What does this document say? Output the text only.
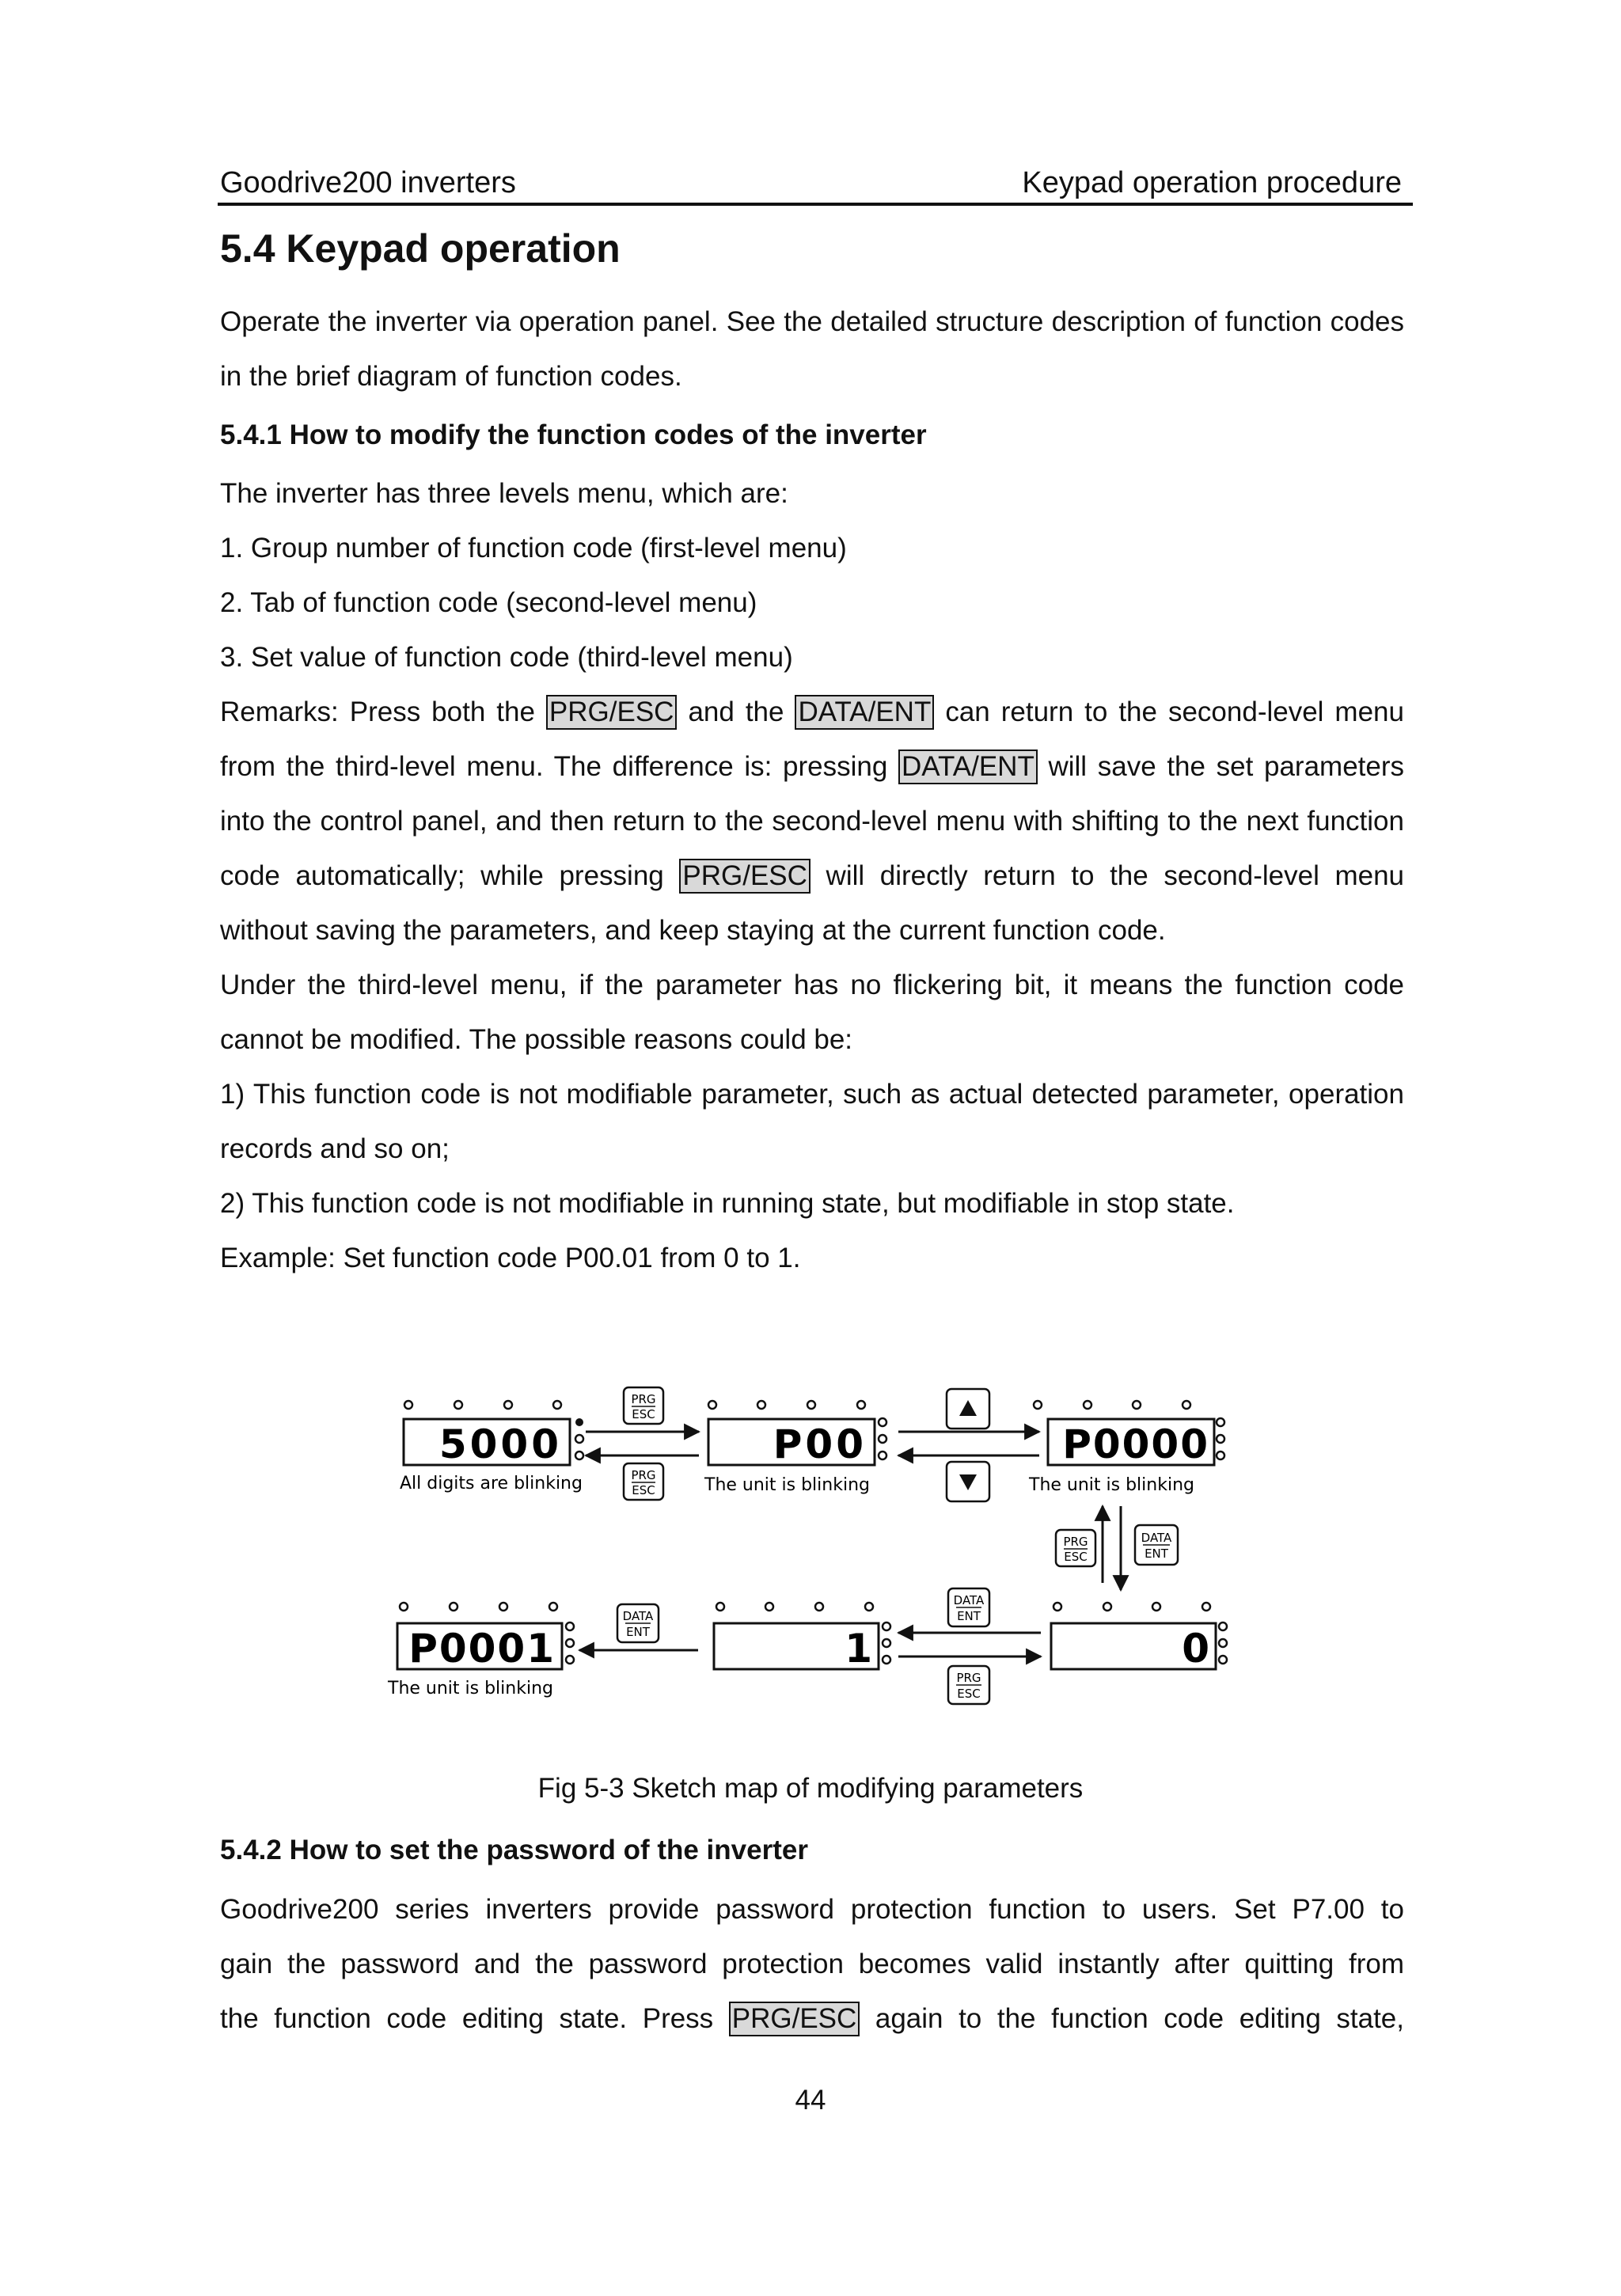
Goodrive200 inverters	Keypad operation procedure
5.4 Keypad operation

Operate the inverter via operation panel. See the detailed structure description of function codes in the brief diagram of function codes.

5.4.1 How to modify the function codes of the inverter

The inverter has three levels menu, which are:

1. Group number of function code (first-level menu)

2. Tab of function code (second-level menu)

3. Set value of function code (third-level menu)

Remarks: Press both the PRG/ESC and the DATA/ENT can return to the second-level menu from the third-level menu. The difference is: pressing DATA/ENT will save the set parameters into the control panel, and then return to the second-level menu with shifting to the next function code automatically; while pressing PRG/ESC will directly return to the second-level menu without saving the parameters, and keep staying at the current function code.

Under the third-level menu, if the parameter has no flickering bit, it means the function code cannot be modified. The possible reasons could be:

1) This function code is not modifiable parameter, such as actual detected parameter, operation records and so on;

2) This function code is not modifiable in running state, but modifiable in stop state.

Example: Set function code P00.01 from 0 to 1.

5000	P00	P0000
All digits are blinking	The unit is blinking	The unit is blinking
PRG
ESC
PRG
ESC
PRG
ESC
DATA
ENT
P0001	1	0
The unit is blinking
DATA
ENT
DATA
ENT
PRG
ESC
Fig 5-3 Sketch map of modifying parameters
5.4.2 How to set the password of the inverter

Goodrive200 series inverters provide password protection function to users. Set P7.00 to

gain the password and the password protection becomes valid instantly after quitting from

the function code editing state. Press PRG/ESC again to the function code editing state,

44
